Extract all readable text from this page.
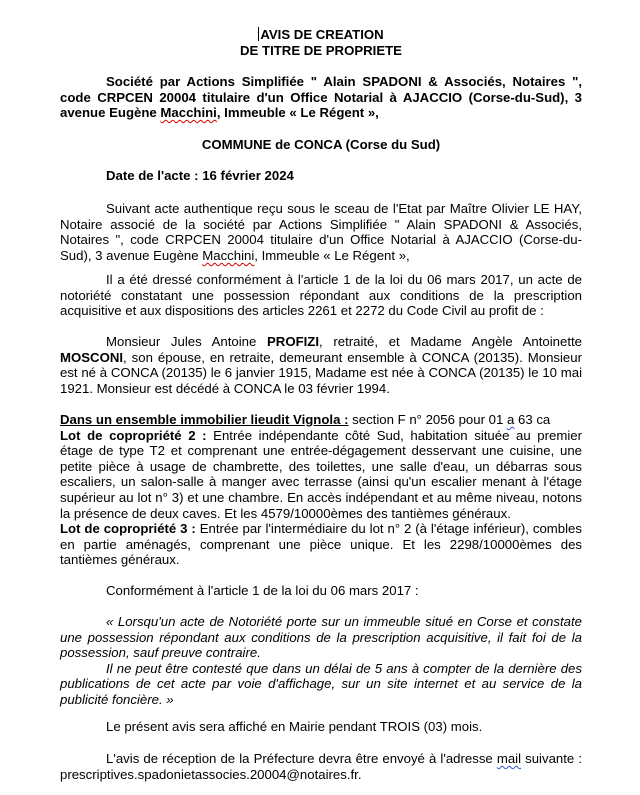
AVIS DE CREATION

DE TITRE DE PROPRIETE

Société par Actions Simplifiée " Alain SPADONI & Associés, Notaires ", code CRPCEN 20004 titulaire d'un Office Notarial à AJACCIO (Corse-du-Sud), 3 avenue Eugène Macchini, Immeuble « Le Régent »,

COMMUNE de CONCA (Corse du Sud)

Date de l'acte : 16 février 2024

Suivant acte authentique reçu sous le sceau de l'Etat par Maître Olivier LE HAY, Notaire associé de la société par Actions Simplifiée " Alain SPADONI & Associés, Notaires ", code CRPCEN 20004 titulaire d'un Office Notarial à AJACCIO (Corse-du-Sud), 3 avenue Eugène Macchini, Immeuble « Le Régent »,

Il a été dressé conformément à l'article 1 de la loi du 06 mars 2017, un acte de notoriété constatant une possession répondant aux conditions de la prescription acquisitive et aux dispositions des articles 2261 et 2272 du Code Civil au profit de :

Monsieur Jules Antoine PROFIZI, retraité, et Madame Angèle Antoinette MOSCONI, son épouse, en retraite, demeurant ensemble à CONCA (20135). Monsieur est né à CONCA (20135) le 6 janvier 1915, Madame est née à CONCA (20135) le 10 mai 1921. Monsieur est décédé à CONCA le 03 février 1994.

Dans un ensemble immobilier lieudit Vignola : section F n° 2056 pour 01 a 63 ca

Lot de copropriété 2 : Entrée indépendante côté Sud, habitation située au premier étage de type T2 et comprenant une entrée-dégagement desservant une cuisine, une petite pièce à usage de chambrette, des toilettes, une salle d'eau, un débarras sous escaliers, un salon-salle à manger avec terrasse (ainsi qu'un escalier menant à l'étage supérieur au lot n° 3) et une chambre. En accès indépendant et au même niveau, notons la présence de deux caves. Et les 4579/10000èmes des tantièmes généraux.

Lot de copropriété 3 : Entrée par l'intermédiaire du lot n° 2 (à l'étage inférieur), combles en partie aménagés, comprenant une pièce unique. Et les 2298/10000èmes des tantièmes généraux.

Conformément à l'article 1 de la loi du 06 mars 2017 :

« Lorsqu'un acte de Notoriété porte sur un immeuble situé en Corse et constate une possession répondant aux conditions de la prescription acquisitive, il fait foi de la possession, sauf preuve contraire.

Il ne peut être contesté que dans un délai de 5 ans à compter de la dernière des publications de cet acte par voie d'affichage, sur un site internet et au service de la publicité foncière. »

Le présent avis sera affiché en Mairie pendant TROIS (03) mois.

L'avis de réception de la Préfecture devra être envoyé à l'adresse mail suivante : prescriptives.spadonietassocies.20004@notaires.fr.
